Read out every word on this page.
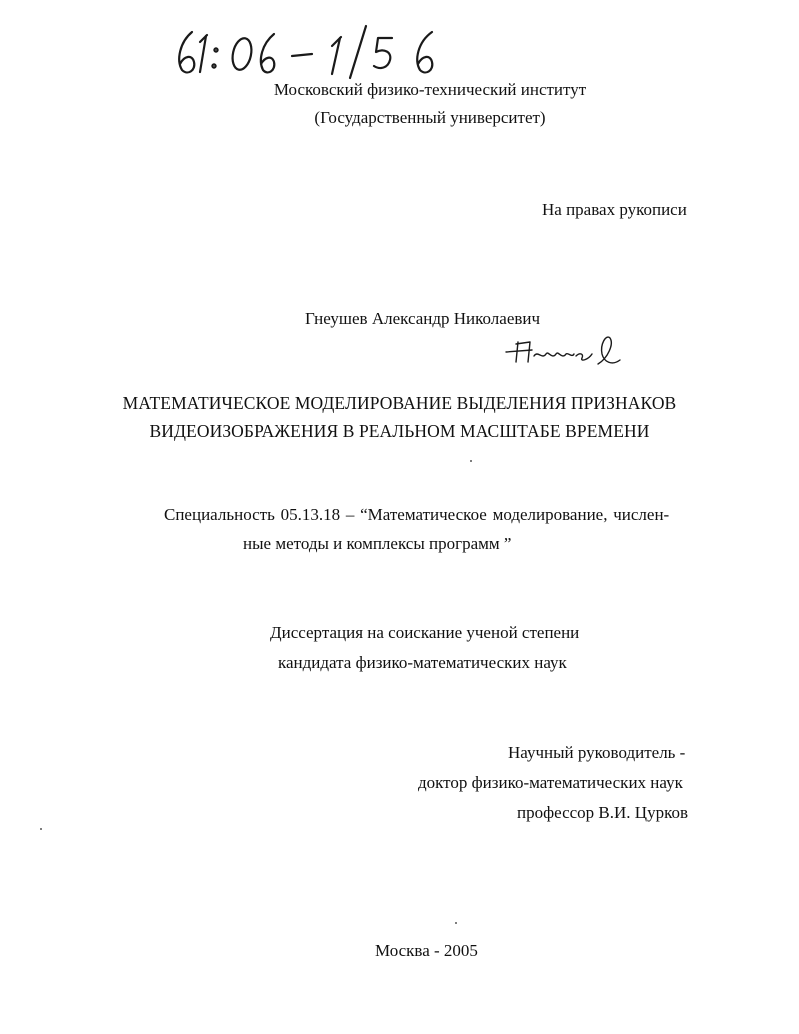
Московский физико-технический институт
(Государственный университет)
На правах рукописи
Гнеушев Александр Николаевич
МАТЕМАТИЧЕСКОЕ МОДЕЛИРОВАНИЕ ВЫДЕЛЕНИЯ ПРИЗНАКОВ
ВИДЕОИЗОБРАЖЕНИЯ В РЕАЛЬНОМ МАСШТАБЕ ВРЕМЕНИ
Специальность 05.13.18 – “Математическое моделирование, числен-
ные методы и комплексы программ ”
Диссертация на соискание ученой степени
кандидата физико-математических наук
Научный руководитель -
доктор физико-математических наук
профессор В.И. Цурков
Москва - 2005
